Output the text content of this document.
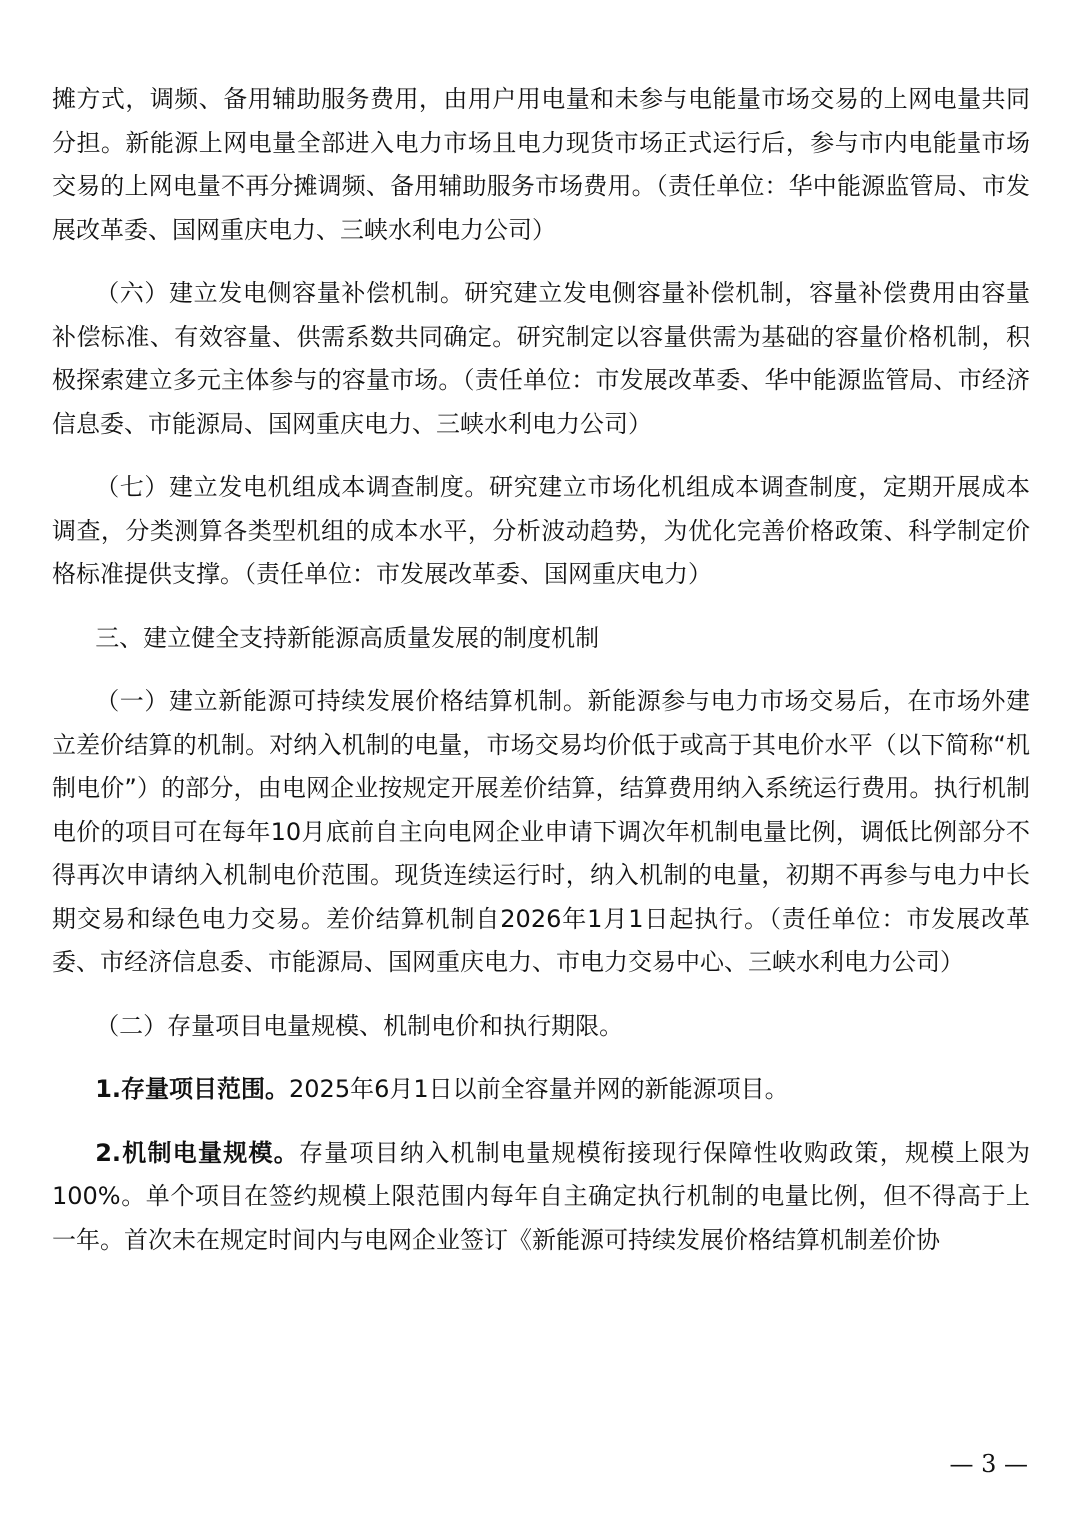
摊方式，调频、备用辅助服务费用，由用户用电量和未参与电能量市场交易的上网电量共同分担。新能源上网电量全部进入电力市场且电力现货市场正式运行后，参与市内电能量市场交易的上网电量不再分摊调频、备用辅助服务市场费用。（责任单位：华中能源监管局、市发展改革委、国网重庆电力、三峡水利电力公司）

（六）建立发电侧容量补偿机制。研究建立发电侧容量补偿机制，容量补偿费用由容量补偿标准、有效容量、供需系数共同确定。研究制定以容量供需为基础的容量价格机制，积极探索建立多元主体参与的容量市场。（责任单位：市发展改革委、华中能源监管局、市经济信息委、市能源局、国网重庆电力、三峡水利电力公司）

（七）建立发电机组成本调查制度。研究建立市场化机组成本调查制度，定期开展成本调查，分类测算各类型机组的成本水平，分析波动趋势，为优化完善价格政策、科学制定价格标准提供支撑。（责任单位：市发展改革委、国网重庆电力）

三、建立健全支持新能源高质量发展的制度机制

（一）建立新能源可持续发展价格结算机制。新能源参与电力市场交易后，在市场外建立差价结算的机制。对纳入机制的电量，市场交易均价低于或高于其电价水平（以下简称“机制电价”）的部分，由电网企业按规定开展差价结算，结算费用纳入系统运行费用。执行机制电价的项目可在每年10月底前自主向电网企业申请下调次年机制电量比例，调低比例部分不得再次申请纳入机制电价范围。现货连续运行时，纳入机制的电量，初期不再参与电力中长期交易和绿色电力交易。差价结算机制自2026年1月1日起执行。（责任单位：市发展改革委、市经济信息委、市能源局、国网重庆电力、市电力交易中心、三峡水利电力公司）

（二）存量项目电量规模、机制电价和执行期限。

1.存量项目范围。2025年6月1日以前全容量并网的新能源项目。

2.机制电量规模。存量项目纳入机制电量规模衔接现行保障性收购政策，规模上限为100%。单个项目在签约规模上限范围内每年自主确定执行机制的电量比例，但不得高于上一年。首次未在规定时间内与电网企业签订《新能源可持续发展价格结算机制差价协

— 3 —
